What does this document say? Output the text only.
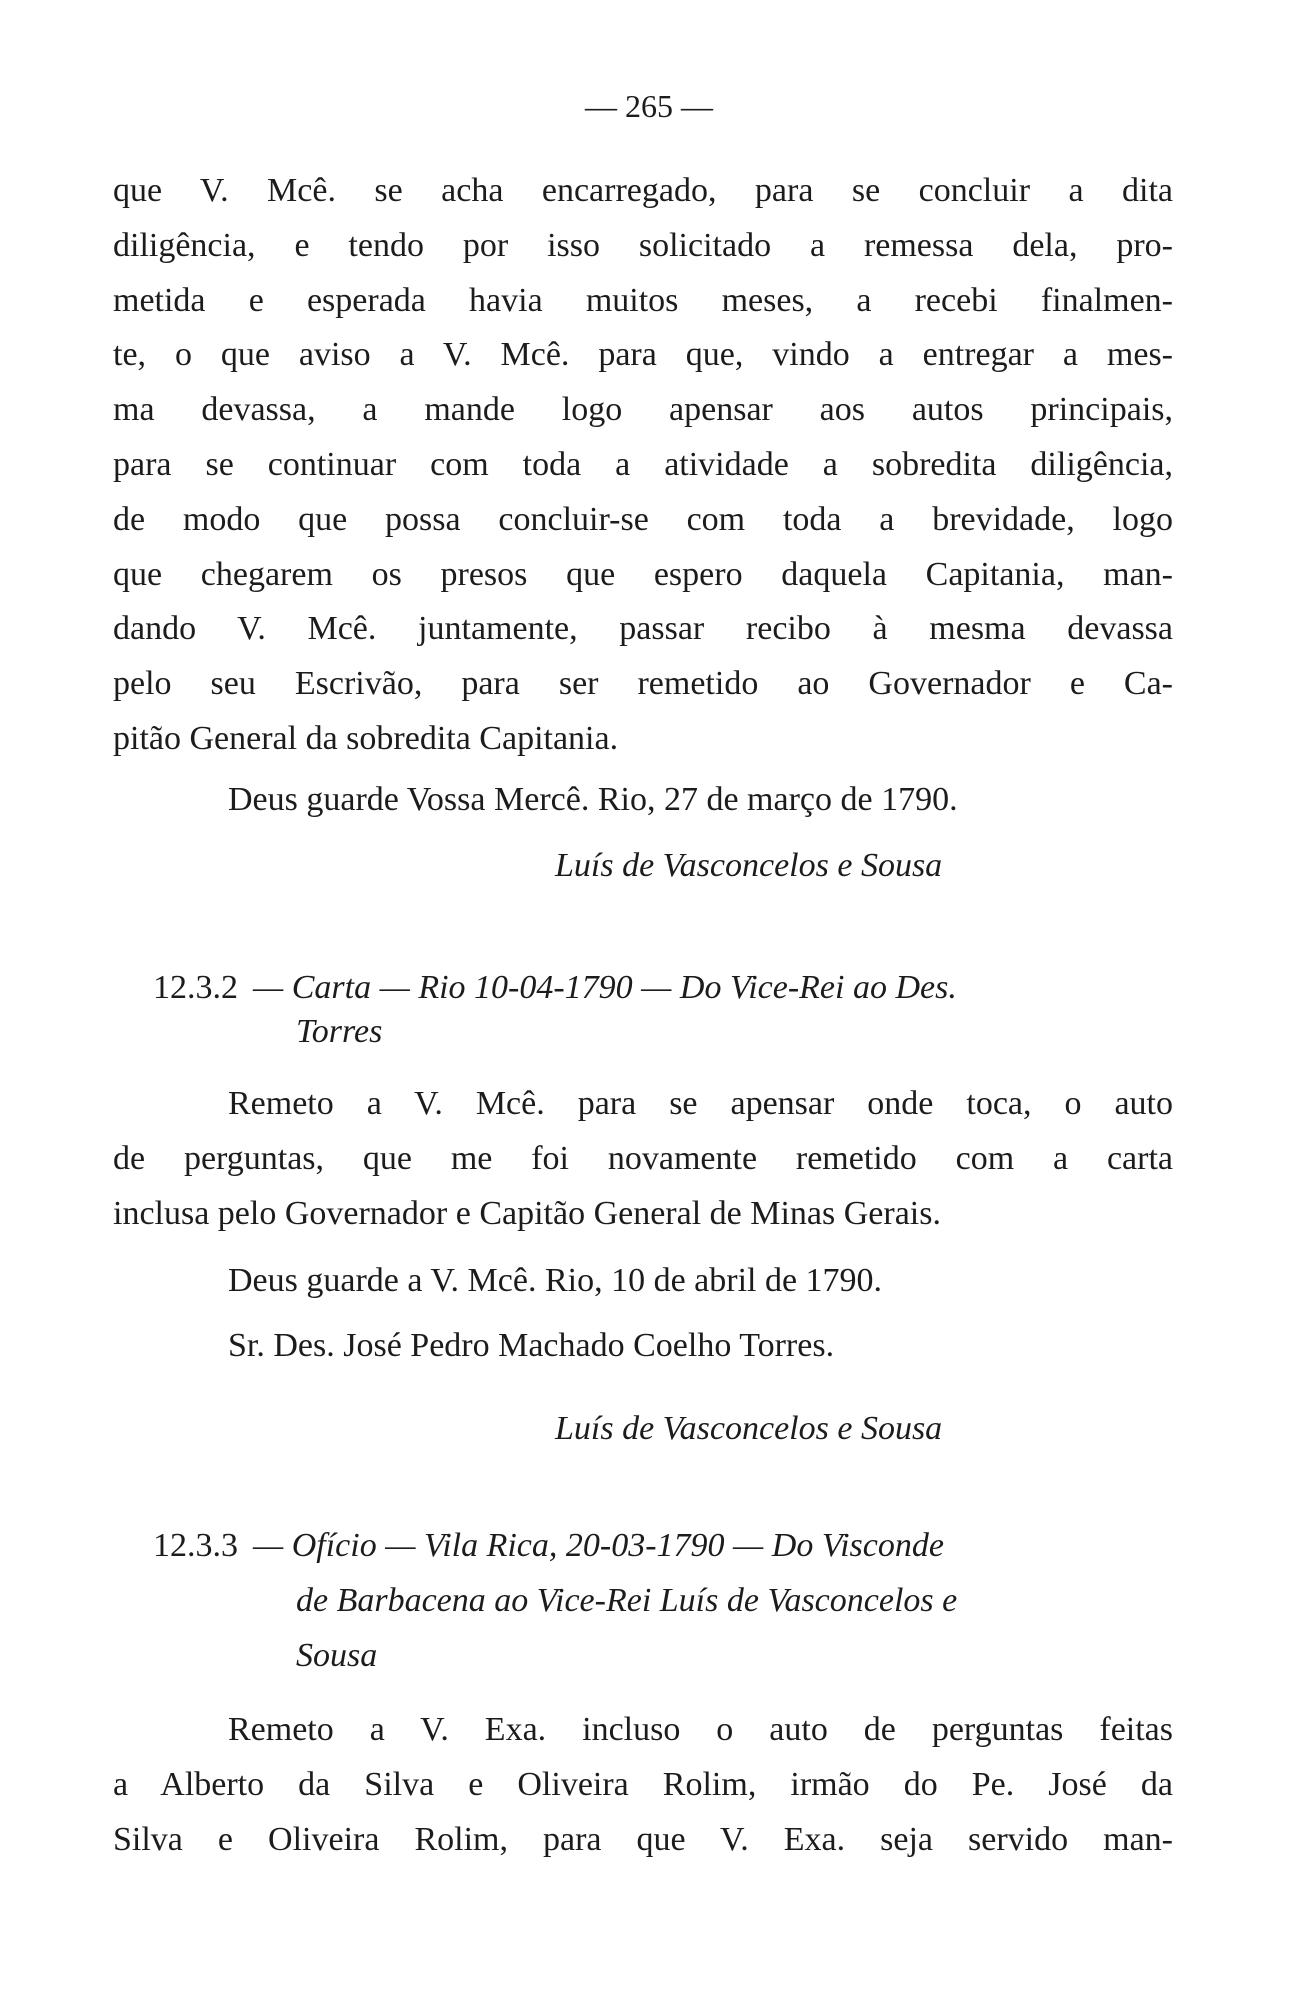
— 265 —

que V. Mcê. se acha encarregado, para se concluir a dita

diligência, e tendo por isso solicitado a remessa dela, pro-

metida e esperada havia muitos meses, a recebi finalmen-

te, o que aviso a V. Mcê. para que, vindo a entregar a mes-

ma devassa, a mande logo apensar aos autos principais,

para se continuar com toda a atividade a sobredita diligência,

de modo que possa concluir-se com toda a brevidade, logo

que chegarem os presos que espero daquela Capitania, man-

dando V. Mcê. juntamente, passar recibo à mesma devassa

pelo seu Escrivão, para ser remetido ao Governador e Ca-

pitão General da sobredita Capitania.

Deus guarde Vossa Mercê. Rio, 27 de março de 1790.

Luís de Vasconcelos e Sousa

12.3.2 — Carta — Rio 10-04-1790 — Do Vice-Rei ao Des.

Torres

Remeto a V. Mcê. para se apensar onde toca, o auto

de perguntas, que me foi novamente remetido com a carta

inclusa pelo Governador e Capitão General de Minas Gerais.

Deus guarde a V. Mcê. Rio, 10 de abril de 1790.

Sr. Des. José Pedro Machado Coelho Torres.

Luís de Vasconcelos e Sousa

12.3.3 — Ofício — Vila Rica, 20-03-1790 — Do Visconde

de Barbacena ao Vice-Rei Luís de Vasconcelos e

Sousa

Remeto a V. Exa. incluso o auto de perguntas feitas

a Alberto da Silva e Oliveira Rolim, irmão do Pe. José da

Silva e Oliveira Rolim, para que V. Exa. seja servido man-
